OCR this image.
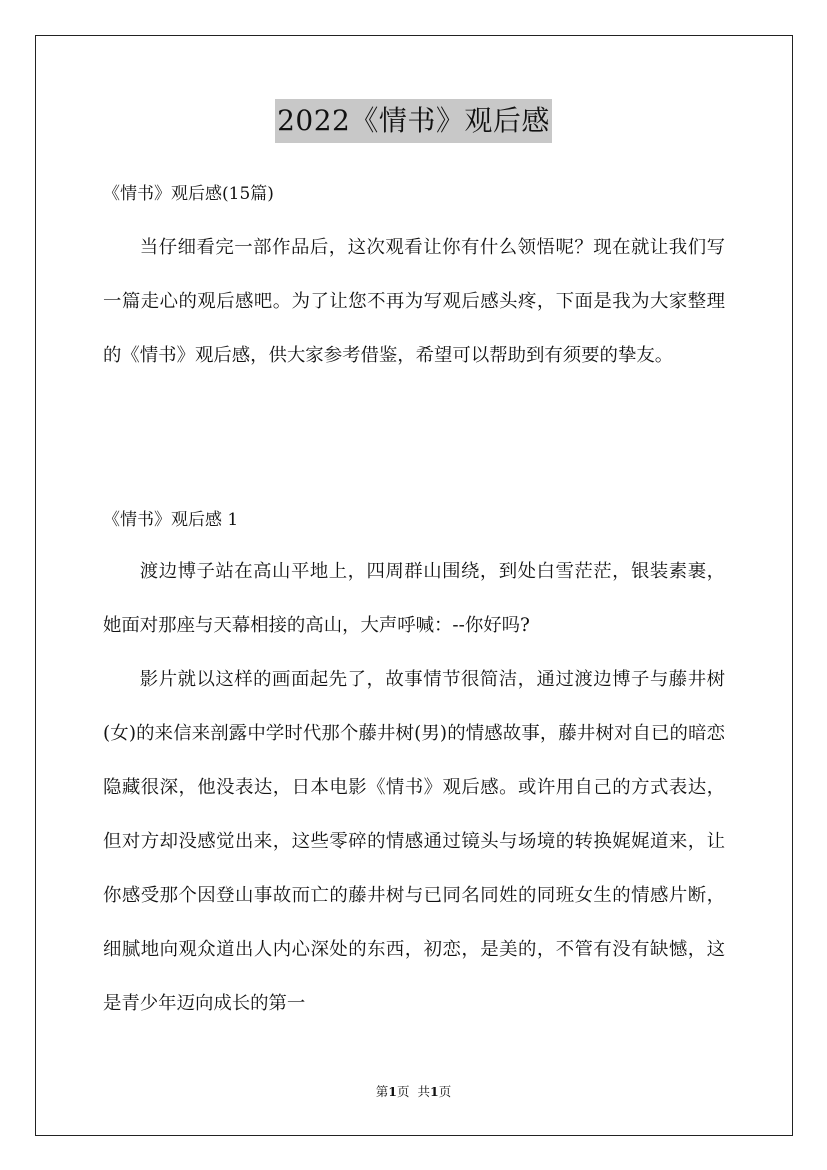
2022《情书》观后感
《情书》观后感(15篇)

当仔细看完一部作品后，这次观看让你有什么领悟呢？现在就让我们写一篇走心的观后感吧。为了让您不再为写观后感头疼，下面是我为大家整理的《情书》观后感，供大家参考借鉴，希望可以帮助到有须要的挚友。

《情书》观后感 1

渡边博子站在高山平地上，四周群山围绕，到处白雪茫茫，银装素裹，她面对那座与天幕相接的高山，大声呼喊：--你好吗?

影片就以这样的画面起先了，故事情节很简洁，通过渡边博子与藤井树(女)的来信来剖露中学时代那个藤井树(男)的情感故事，藤井树对自已的暗恋隐藏很深，他没表达，日本电影《情书》观后感。或许用自己的方式表达，但对方却没感觉出来，这些零碎的情感通过镜头与场境的转换娓娓道来，让你感受那个因登山事故而亡的藤井树与已同名同姓的同班女生的情感片断，细腻地向观众道出人内心深处的东西，初恋，是美的，不管有没有缺憾，这是青少年迈向成长的第一

第1页 共1页
